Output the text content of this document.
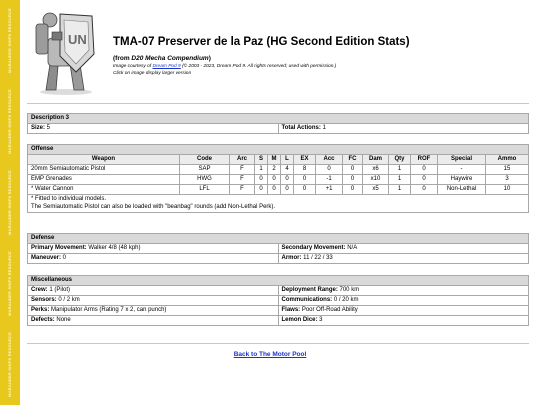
MARAUDER SHIPS RESOURCE
MARAUDER SHIPS RESOURCE
MARAUDER SHIPS RESOURCE
MARAUDER SHIPS RESOURCE
MARAUDER SHIPS RESOURCE
UN TMA-07 Preserver de la Paz (HG Second Edition Stats)
(from D20 Mecha Compendium)
Image courtesy of Dream Pod 9 (© 2003 - 2023, Dream Pod 9. All rights reserved; used with permission.)
Click on image display larger version
Description 3
Size: 5	Total Actions: 1
Offense													
Weapon	Code	Arc	S	M	L	EX	Acc	FC	Dam	Qty	ROF	Special	Ammo
20mm Semiautomatic Pistol	SAP	F	1	2	4	8	0	0	x6	1	0	-	15
EMP Grenades	HWG	F	0	0	0	0	-1	0	x10	1	0	Haywire	3
* Water Cannon	LFL	F	0	0	0	0	+1	0	x5	1	0	Non-Lethal	10
* Fitted to individual models.
The Semiautomatic Pistol can also be loaded with "beanbag" rounds (add Non-Lethal Perk).													
Defense	
Primary Movement: Walker 4/8 (48 kph)	Secondary Movement: N/A
Maneuver: 0	Armor: 11 / 22 / 33
Miscellaneous	
Crew: 1 (Pilot)	Deployment Range: 700 km
Sensors: 0 / 2 km	Communications: 0 / 20 km
Perks: Manipulator Arms (Rating 7 x 2, can punch)	Flaws: Poor Off-Road Ability
Defects: None	Lemon Dice: 3
Back to The Motor Pool
